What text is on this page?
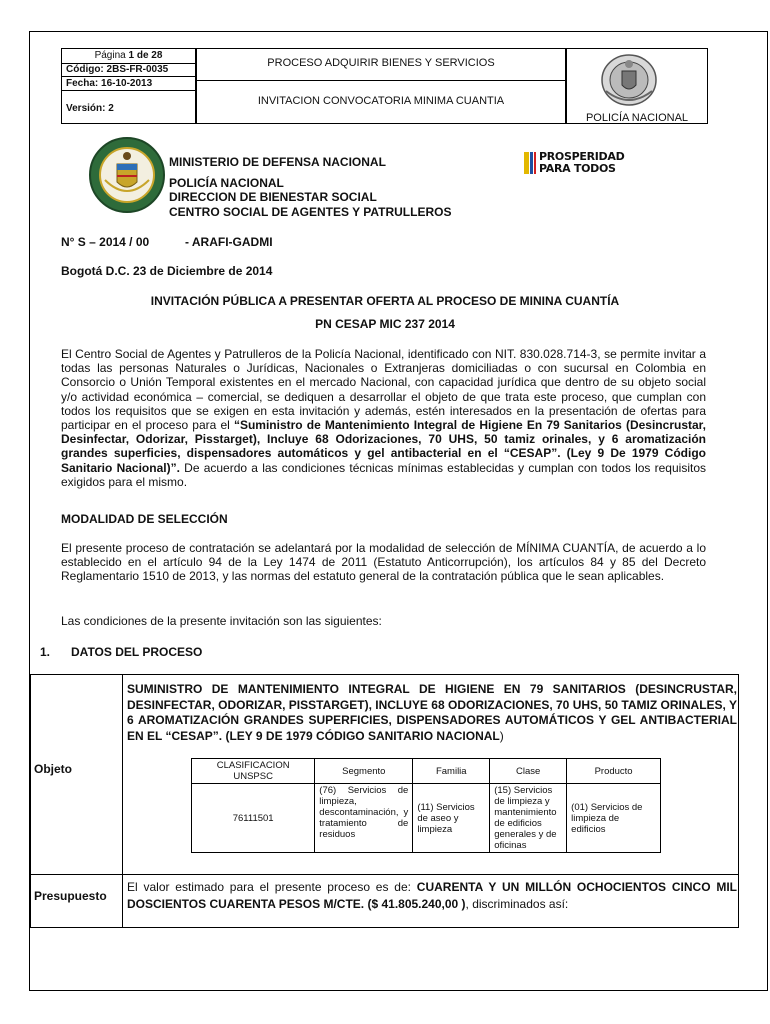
Página 1 de 28
Código: 2BS-FR-0035
Fecha: 16-10-2013
Versión: 2
PROCESO ADQUIRIR BIENES Y SERVICIOS
INVITACION CONVOCATORIA MINIMA CUANTIA
POLICÍA NACIONAL
MINISTERIO DE DEFENSA NACIONAL
POLICÍA NACIONAL
DIRECCION DE BIENESTAR SOCIAL
CENTRO SOCIAL DE AGENTES Y PATRULLEROS
PROSPERIDAD
PARA TODOS
N° S – 2014 / 00	- ARAFI-GADMI
Bogotá D.C. 23 de Diciembre de 2014
INVITACIÓN PÚBLICA A PRESENTAR OFERTA AL PROCESO DE MININA CUANTÍA
PN CESAP MIC 237 2014
El Centro Social de Agentes y Patrulleros de la Policía Nacional, identificado con NIT. 830.028.714-3, se permite invitar a todas las personas Naturales o Jurídicas, Nacionales o Extranjeras domiciliadas o con sucursal en Colombia en Consorcio o Unión Temporal existentes en el mercado Nacional, con capacidad jurídica que dentro de su objeto social y/o actividad económica – comercial, se dediquen a desarrollar el objeto de que trata este proceso, que cumplan con todos los requisitos que se exigen en esta invitación y además, estén interesados en la presentación de ofertas para participar en el proceso para el “Suministro de Mantenimiento Integral de Higiene En 79 Sanitarios (Desincrustar, Desinfectar, Odorizar, Pisstarget), Incluye 68 Odorizaciones, 70 UHS, 50 tamiz orinales, y 6 aromatización grandes superficies, dispensadores automáticos y gel antibacterial en el “CESAP”. (Ley 9 De 1979 Código Sanitario Nacional)”. De acuerdo a las condiciones técnicas mínimas establecidas y cumplan con todos los requisitos exigidos para el mismo.
MODALIDAD DE SELECCIÓN
El presente proceso de contratación se adelantará por la modalidad de selección de MÍNIMA CUANTÍA, de acuerdo a lo establecido en el artículo 94 de la Ley 1474 de 2011 (Estatuto Anticorrupción), los artículos 84 y 85 del Decreto Reglamentario 1510 de 2013, y las normas del estatuto general de la contratación pública que le sean aplicables.
Las condiciones de la presente invitación son las siguientes:
1. DATOS DEL PROCESO
Objeto
SUMINISTRO DE MANTENIMIENTO INTEGRAL DE HIGIENE EN 79 SANITARIOS (DESINCRUSTAR, DESINFECTAR, ODORIZAR, PISSTARGET), INCLUYE 68 ODORIZACIONES, 70 UHS, 50 TAMIZ ORINALES, Y 6 AROMATIZACIÓN GRANDES SUPERFICIES, DISPENSADORES AUTOMÁTICOS Y GEL ANTIBACTERIAL EN EL “CESAP”. (LEY 9 DE 1979 CÓDIGO SANITARIO NACIONAL)
CLASIFICACION UNSPSC	Segmento	Familia	Clase	Producto
76111501	(76) Servicios de limpieza, descontaminación, y tratamiento de residuos	(11) Servicios de aseo y limpieza	(15) Servicios de limpieza y mantenimiento de edificios generales y de oficinas	(01) Servicios de limpieza de edificios
Presupuesto
El valor estimado para el presente proceso es de: CUARENTA Y UN MILLÓN OCHOCIENTOS CINCO MIL DOSCIENTOS CUARENTA PESOS M/CTE. ($ 41.805.240,00 ), discriminados así:
